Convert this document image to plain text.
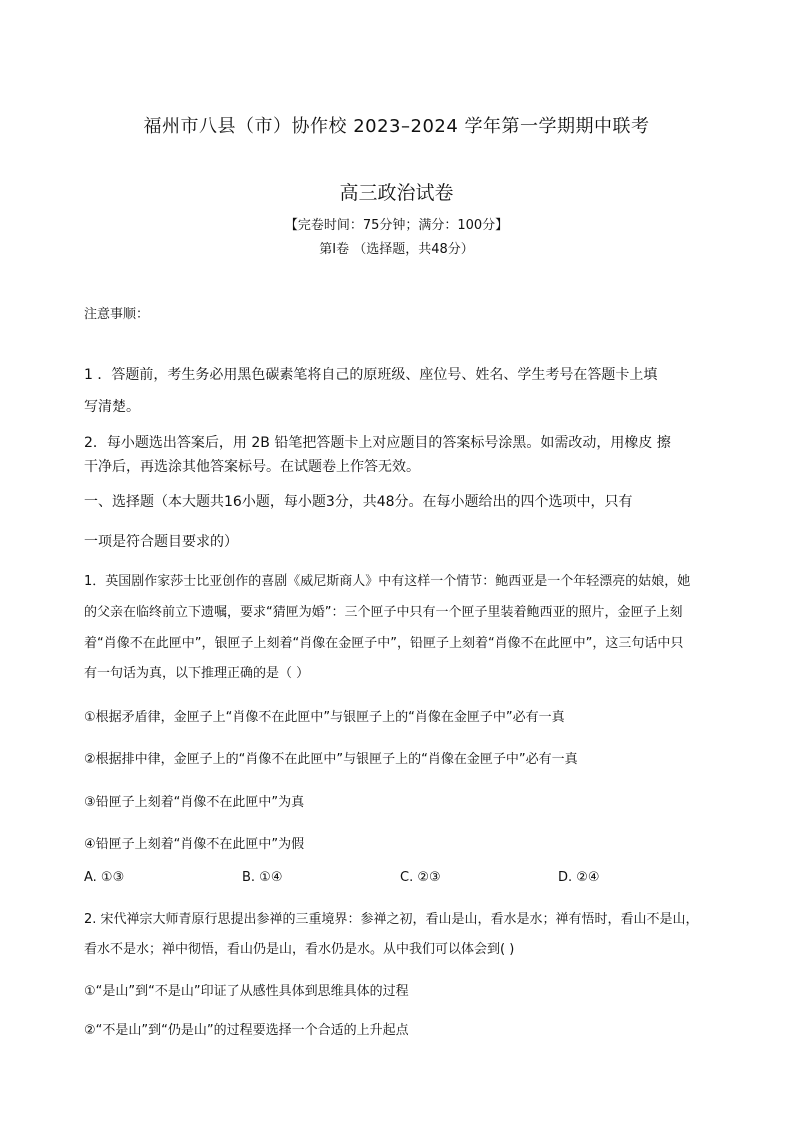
福州市八县（市）协作校 2023–2024 学年第一学期期中联考
高三政治试卷
【完卷时间：75分钟；满分：100分】
第Ⅰ卷 （选择题，共48分）
注意事顺：
1 ．答题前，考生务必用黑色碳素笔将自己的原班级、座位号、姓名、学生考号在答题卡上填
写清楚。
2．每小题选出答案后，用 2B 铅笔把答题卡上对应题目的答案标号涂黑。如需改动，用橡皮 擦
干净后，再选涂其他答案标号。在试题卷上作答无效。
一、选择题（本大题共16小题，每小题3分，共48分。在每小题给出的四个选项中，只有
一项是符合题目要求的）
1．英国剧作家莎士比亚创作的喜剧《威尼斯商人》中有这样一个情节：鲍西亚是一个年轻漂亮的姑娘，她
的父亲在临终前立下遗嘱，要求“猜匣为婚”：三个匣子中只有一个匣子里装着鲍西亚的照片，金匣子上刻
着“肖像不在此匣中”，银匣子上刻着“肖像在金匣子中”，铅匣子上刻着“肖像不在此匣中”，这三句话中只
有一句话为真，以下推理正确的是（ ）
①根据矛盾律，金匣子上“肖像不在此匣中”与银匣子上的“肖像在金匣子中”必有一真
②根据排中律，金匣子上的“肖像不在此匣中”与银匣子上的“肖像在金匣子中”必有一真
③铅匣子上刻着“肖像不在此匣中”为真
④铅匣子上刻着“肖像不在此匣中”为假
A. ①③	B. ①④	C. ②③	D. ②④
2. 宋代禅宗大师青原行思提出参禅的三重境界：参禅之初，看山是山，看水是水；禅有悟时，看山不是山，
看水不是水；禅中彻悟，看山仍是山，看水仍是水。从中我们可以体会到( )
①“是山”到“不是山”印证了从感性具体到思维具体的过程
②“不是山”到“仍是山”的过程要选择一个合适的上升起点
